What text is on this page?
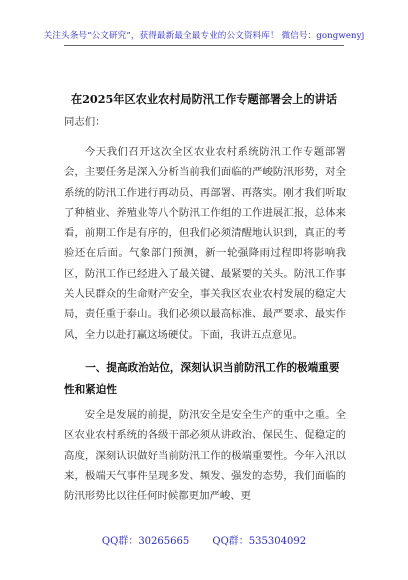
关注头条号“公文研究”，获得最新最全最专业的公文资料库！ 微信号：gongwenyj
在2025年区农业农村局防汛工作专题部署会上的讲话
同志们：

今天我们召开这次全区农业农村系统防汛工作专题部署会，主要任务是深入分析当前我们面临的严峻防汛形势，对全系统的防汛工作进行再动员、再部署、再落实。刚才我们听取了种植业、养殖业等八个防汛工作组的工作进展汇报，总体来看，前期工作是有序的，但我们必须清醒地认识到，真正的考验还在后面。气象部门预测，新一轮强降雨过程即将影响我区，防汛工作已经进入了最关键、最紧要的关头。防汛工作事关人民群众的生命财产安全，事关我区农业农村发展的稳定大局，责任重于泰山。我们必须以最高标准、最严要求、最实作风，全力以赴打赢这场硬仗。下面，我讲五点意见。

一、提高政治站位，深刻认识当前防汛工作的极端重要性和紧迫性

安全是发展的前提，防汛安全是安全生产的重中之重。全区农业农村系统的各级干部必须从讲政治、保民生、促稳定的高度，深刻认识做好当前防汛工作的极端重要性。今年入汛以来，极端天气事件呈现多发、频发、强发的态势，我们面临的防汛形势比以往任何时候都更加严峻、更

QQ群：30265665 QQ群：535304092
